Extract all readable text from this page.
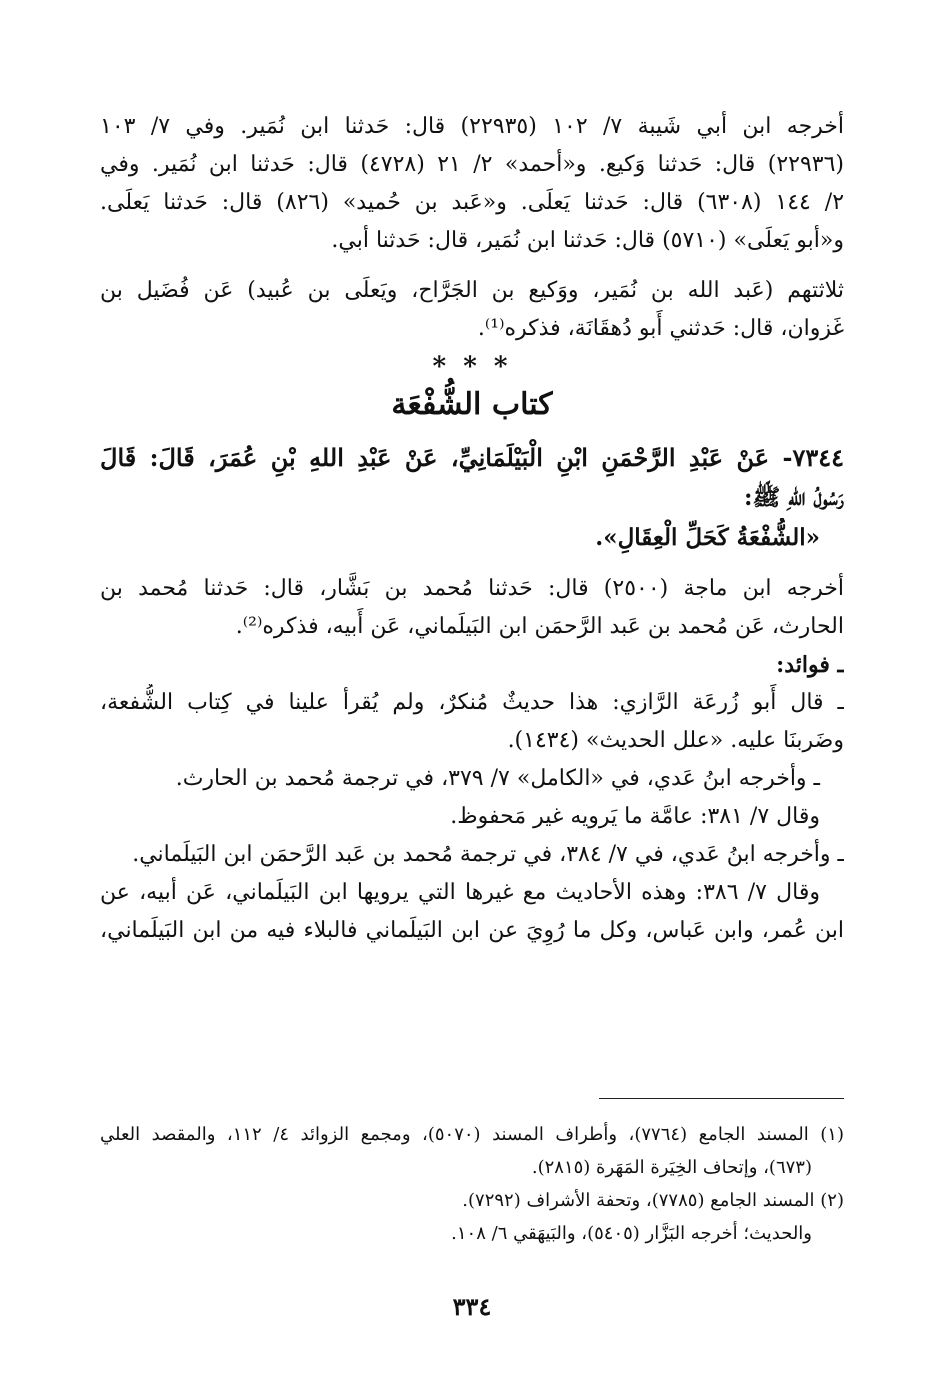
أخرجه ابن أبي شَيبة ٧/ ١٠٢ (٢٢٩٣٥) قال: حَدثنا ابن نُمَير. وفي ٧/ ١٠٣
(٢٢٩٣٦) قال: حَدثنا وَكيع. و«أحمد» ٢/ ٢١ (٤٧٢٨) قال: حَدثنا ابن نُمَير. وفي
٢/ ١٤٤ (٦٣٠٨) قال: حَدثنا يَعلَى. و«عَبد بن حُميد» (٨٢٦) قال: حَدثنا يَعلَى.
و«أبو يَعلَى» (٥٧١٠) قال: حَدثنا ابن نُمَير، قال: حَدثنا أبي.
ثلاثتهم (عَبد الله بن نُمَير، ووَكيع بن الجَرَّاح، ويَعلَى بن عُبيد) عَن فُضَيل بن
غَزوان، قال: حَدثني أَبو دُهقَانَة، فذكره⁽¹⁾.
* * *
كتاب الشُّفْعَة
٧٣٤٤- عَنْ عَبْدِ الرَّحْمَنِ ابْنِ الْبَيْلَمَانِيِّ، عَنْ عَبْدِ اللهِ بْنِ عُمَرَ، قَالَ: قَالَ
رَسُولُ اللهِ ﷺ:
«الشُّفْعَةُ كَحَلِّ الْعِقَالِ».
أخرجه ابن ماجة (٢٥٠٠) قال: حَدثنا مُحمد بن بَشَّار، قال: حَدثنا مُحمد بن
الحارث، عَن مُحمد بن عَبد الرَّحمَن ابن البَيلَماني، عَن أَبيه، فذكره⁽²⁾.
ـ فوائد:
ـ قال أَبو زُرعَة الرَّازي: هذا حديثٌ مُنكرٌ، ولم يُقرأ علينا في كِتاب الشُّفعة،
وضَربنَا عليه. «علل الحديث» (١٤٣٤).
ـ وأخرجه ابنُ عَدي، في «الكامل» ٧/ ٣٧٩، في ترجمة مُحمد بن الحارث.
وقال ٧/ ٣٨١: عامَّة ما يَرويه غير مَحفوظ.
ـ وأخرجه ابنُ عَدي، في ٧/ ٣٨٤، في ترجمة مُحمد بن عَبد الرَّحمَن ابن البَيلَماني.
وقال ٧/ ٣٨٦: وهذه الأحاديث مع غيرها التي يرويها ابن البَيلَماني، عَن أبيه، عن
ابن عُمر، وابن عَباس، وكل ما رُوِيَ عن ابن البَيلَماني فالبلاء فيه من ابن البَيلَماني،
(١) المسند الجامع (٧٧٦٤)، وأطراف المسند (٥٠٧٠)، ومجمع الزوائد ٤/ ١١٢، والمقصد العلي
(٦٧٣)، وإتحاف الخِيَرة المَهَرة (٢٨١٥).
(٢) المسند الجامع (٧٧٨٥)، وتحفة الأشراف (٧٢٩٢).
والحديث؛ أخرجه البَزَّار (٥٤٠٥)، والبَيهَقي ٦/ ١٠٨.
٣٣٤
